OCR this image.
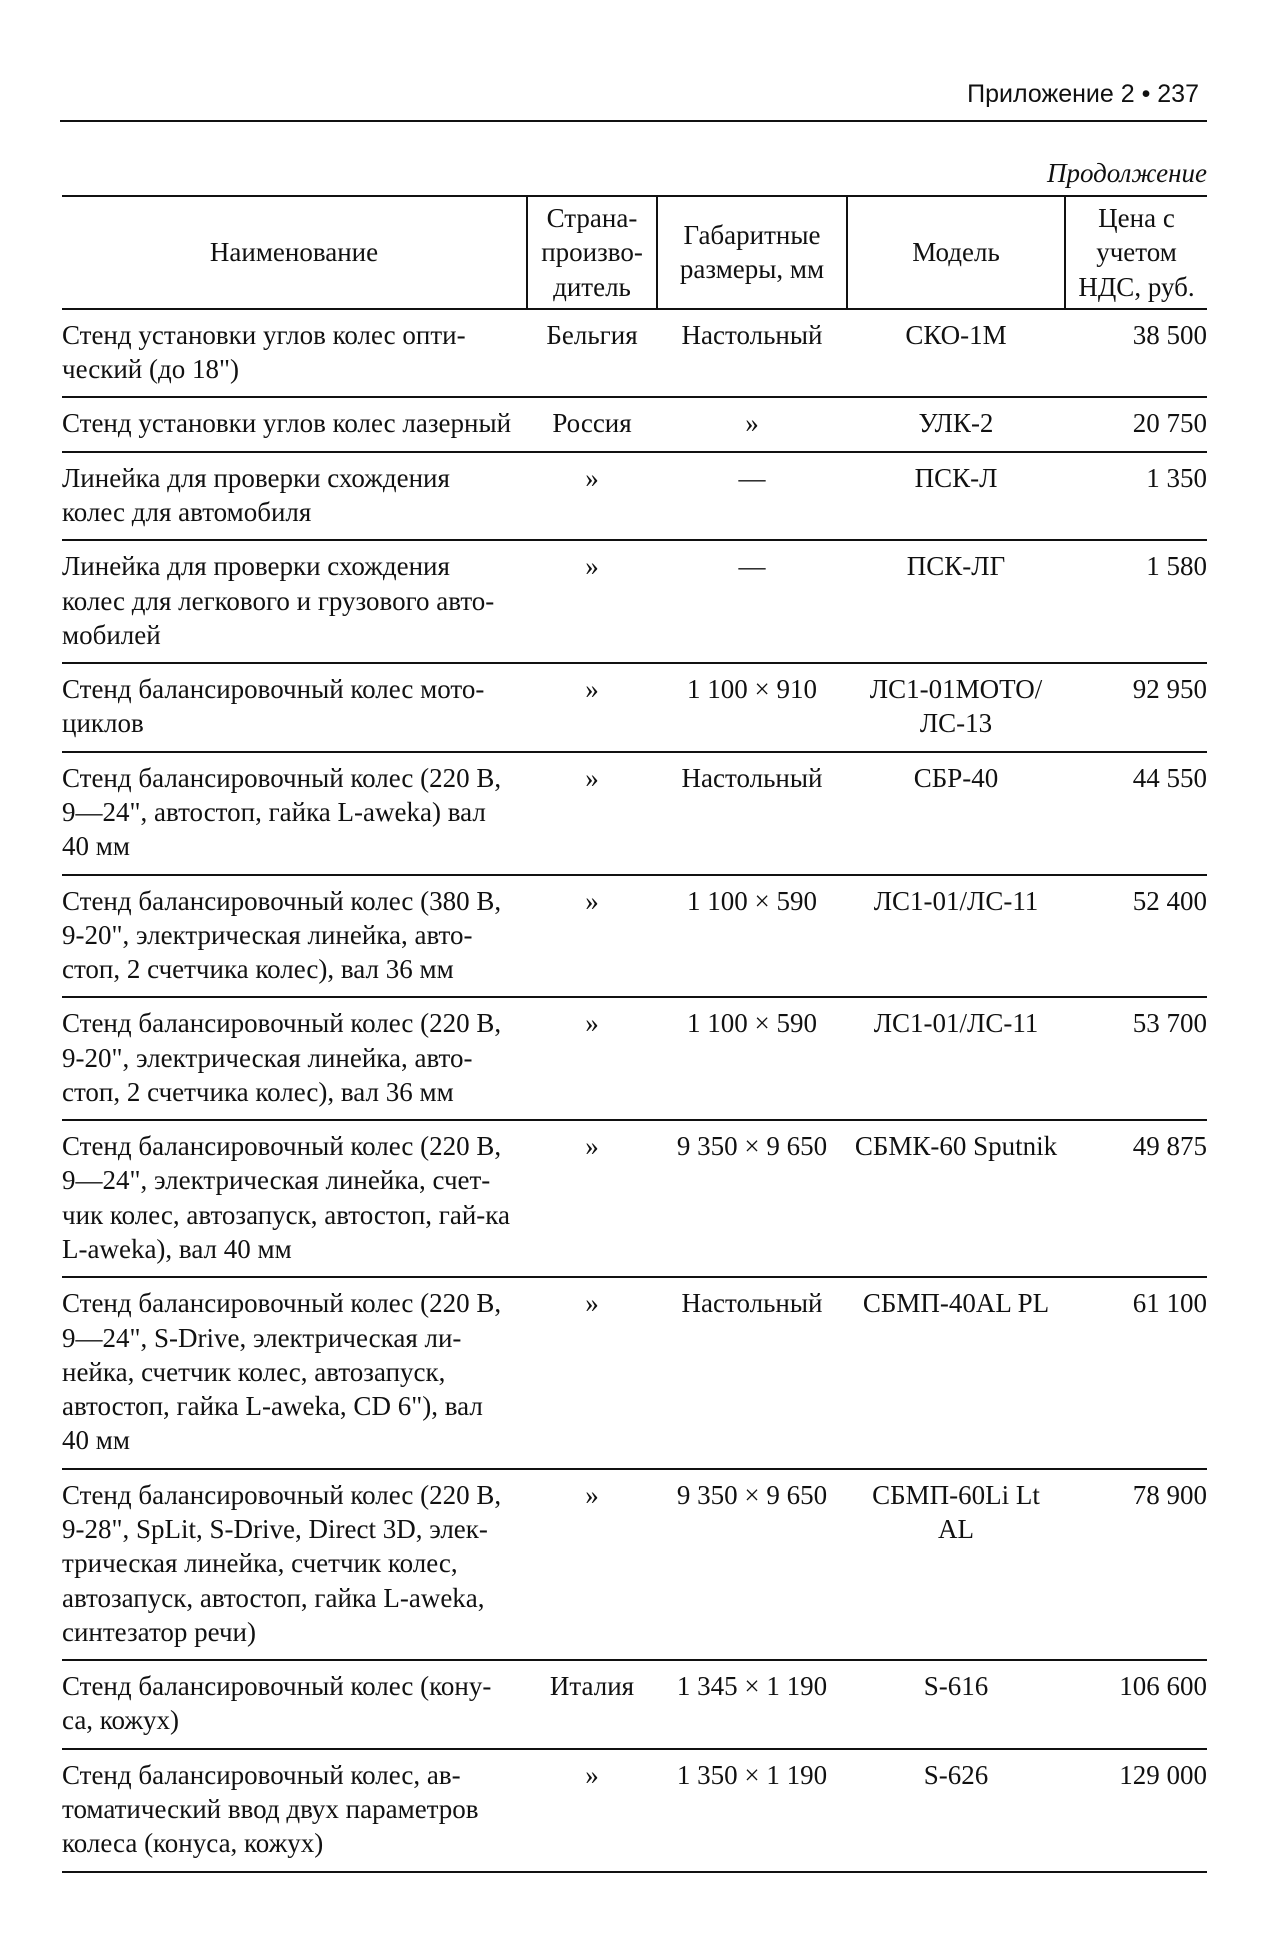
Приложение 2 • 237
Продолжение
Наименование	Страна-произво-дитель	Габаритные размеры, мм	Модель	Цена с учетом НДС, руб.
Стенд установки углов колес опти-ческий (до 18")	Бельгия	Настольный	СКО-1М	38 500
Стенд установки углов колес лазерный	Россия	»	УЛК-2	20 750
Линейка для проверки схождения колес для автомобиля	»	—	ПСК-Л	1 350
Линейка для проверки схождения колес для легкового и грузового авто-мобилей	»	—	ПСК-ЛГ	1 580
Стенд балансировочный колес мото-циклов	»	1 100 × 910	ЛС1-01МОТО/ ЛС-13	92 950
Стенд балансировочный колес (220 В, 9—24", автостоп, гайка L-aweka) вал 40 мм	»	Настольный	СБР-40	44 550
Стенд балансировочный колес (380 В, 9-20", электрическая линейка, авто-стоп, 2 счетчика колес), вал 36 мм	»	1 100 × 590	ЛС1-01/ЛС-11	52 400
Стенд балансировочный колес (220 В, 9-20", электрическая линейка, авто-стоп, 2 счетчика колес), вал 36 мм	»	1 100 × 590	ЛС1-01/ЛС-11	53 700
Стенд балансировочный колес (220 В, 9—24", электрическая линейка, счет-чик колес, автозапуск, автостоп, гай-ка L-aweka), вал 40 мм	»	9 350 × 9 650	СБМК-60 Sputnik	49 875
Стенд балансировочный колес (220 В, 9—24", S-Drive, электрическая ли-нейка, счетчик колес, автозапуск, автостоп, гайка L-aweka, CD 6"), вал 40 мм	»	Настольный	СБМП-40AL PL	61 100
Стенд балансировочный колес (220 В, 9-28", SpLit, S-Drive, Direct 3D, элек-трическая линейка, счетчик колес, автозапуск, автостоп, гайка L-aweka, синтезатор речи)	»	9 350 × 9 650	СБМП-60Li Lt AL	78 900
Стенд балансировочный колес (кону-са, кожух)	Италия	1 345 × 1 190	S-616	106 600
Стенд балансировочный колес, ав-томатический ввод двух параметров колеса (конуса, кожух)	»	1 350 × 1 190	S-626	129 000
